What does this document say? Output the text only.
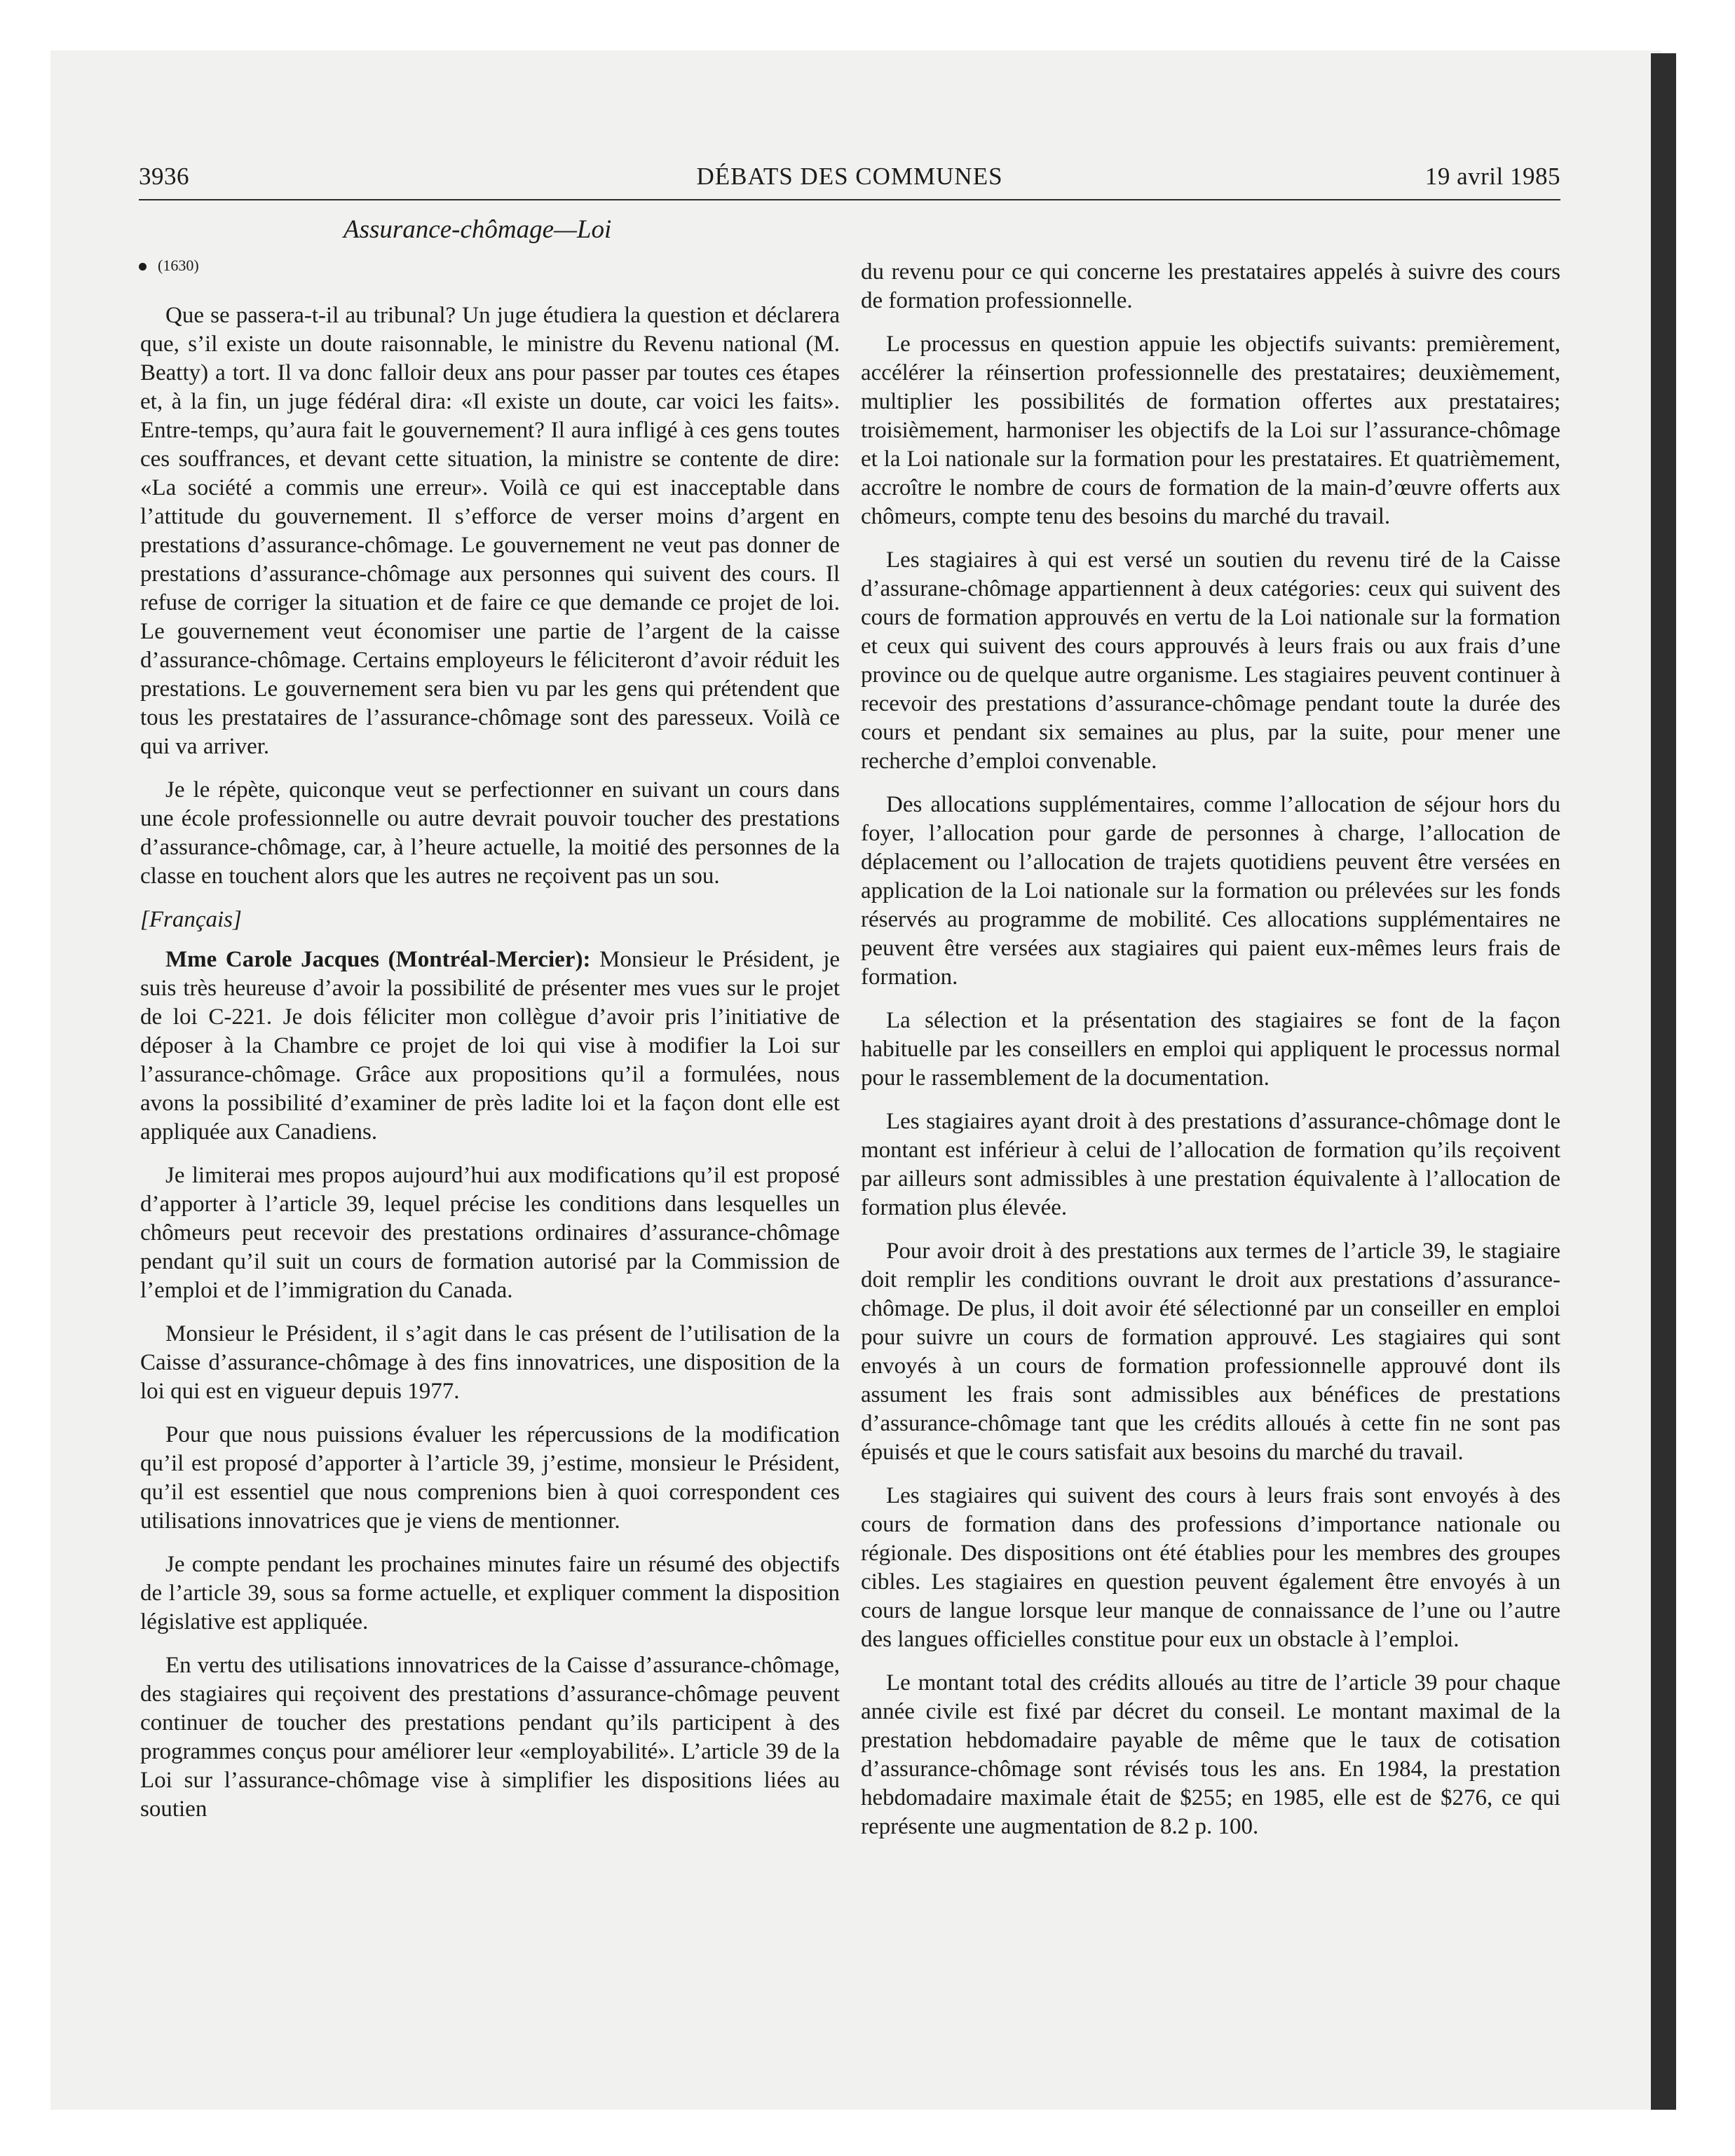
3936	DÉBATS DES COMMUNES	19 avril 1985
Assurance-chômage—Loi
(1630)

Que se passera-t-il au tribunal? Un juge étudiera la question et déclarera que, s’il existe un doute raisonnable, le ministre du Revenu national (M. Beatty) a tort. Il va donc falloir deux ans pour passer par toutes ces étapes et, à la fin, un juge fédéral dira: «Il existe un doute, car voici les faits». Entre-temps, qu’aura fait le gouvernement? Il aura infligé à ces gens toutes ces souffrances, et devant cette situation, la ministre se contente de dire: «La société a commis une erreur». Voilà ce qui est inacceptable dans l’attitude du gouvernement. Il s’efforce de verser moins d’argent en prestations d’assurance-chômage. Le gouvernement ne veut pas donner de prestations d’assurance-chômage aux personnes qui suivent des cours. Il refuse de corriger la situation et de faire ce que demande ce projet de loi. Le gouvernement veut économiser une partie de l’argent de la caisse d’assurance-chômage. Certains employeurs le féliciteront d’avoir réduit les prestations. Le gouvernement sera bien vu par les gens qui prétendent que tous les prestataires de l’assurance-chômage sont des paresseux. Voilà ce qui va arriver.

Je le répète, quiconque veut se perfectionner en suivant un cours dans une école professionnelle ou autre devrait pouvoir toucher des prestations d’assurance-chômage, car, à l’heure actuelle, la moitié des personnes de la classe en touchent alors que les autres ne reçoivent pas un sou.

[Français]

Mme Carole Jacques (Montréal-Mercier): Monsieur le Président, je suis très heureuse d’avoir la possibilité de présenter mes vues sur le projet de loi C-221. Je dois féliciter mon collègue d’avoir pris l’initiative de déposer à la Chambre ce projet de loi qui vise à modifier la Loi sur l’assurance-chômage. Grâce aux propositions qu’il a formulées, nous avons la possibilité d’examiner de près ladite loi et la façon dont elle est appliquée aux Canadiens.

Je limiterai mes propos aujourd’hui aux modifications qu’il est proposé d’apporter à l’article 39, lequel précise les conditions dans lesquelles un chômeurs peut recevoir des prestations ordinaires d’assurance-chômage pendant qu’il suit un cours de formation autorisé par la Commission de l’emploi et de l’immigration du Canada.

Monsieur le Président, il s’agit dans le cas présent de l’utilisation de la Caisse d’assurance-chômage à des fins innovatrices, une disposition de la loi qui est en vigueur depuis 1977.

Pour que nous puissions évaluer les répercussions de la modification qu’il est proposé d’apporter à l’article 39, j’estime, monsieur le Président, qu’il est essentiel que nous comprenions bien à quoi correspondent ces utilisations innovatrices que je viens de mentionner.

Je compte pendant les prochaines minutes faire un résumé des objectifs de l’article 39, sous sa forme actuelle, et expliquer comment la disposition législative est appliquée.

En vertu des utilisations innovatrices de la Caisse d’assurance-chômage, des stagiaires qui reçoivent des prestations d’assurance-chômage peuvent continuer de toucher des prestations pendant qu’ils participent à des programmes conçus pour améliorer leur «employabilité». L’article 39 de la Loi sur l’assurance-chômage vise à simplifier les dispositions liées au soutien

du revenu pour ce qui concerne les prestataires appelés à suivre des cours de formation professionnelle.

Le processus en question appuie les objectifs suivants: premièrement, accélérer la réinsertion professionnelle des prestataires; deuxièmement, multiplier les possibilités de formation offertes aux prestataires; troisièmement, harmoniser les objectifs de la Loi sur l’assurance-chômage et la Loi nationale sur la formation pour les prestataires. Et quatrièmement, accroître le nombre de cours de formation de la main-d’œuvre offerts aux chômeurs, compte tenu des besoins du marché du travail.

Les stagiaires à qui est versé un soutien du revenu tiré de la Caisse d’assurane-chômage appartiennent à deux catégories: ceux qui suivent des cours de formation approuvés en vertu de la Loi nationale sur la formation et ceux qui suivent des cours approuvés à leurs frais ou aux frais d’une province ou de quelque autre organisme. Les stagiaires peuvent continuer à recevoir des prestations d’assurance-chômage pendant toute la durée des cours et pendant six semaines au plus, par la suite, pour mener une recherche d’emploi convenable.

Des allocations supplémentaires, comme l’allocation de séjour hors du foyer, l’allocation pour garde de personnes à charge, l’allocation de déplacement ou l’allocation de trajets quotidiens peuvent être versées en application de la Loi nationale sur la formation ou prélevées sur les fonds réservés au programme de mobilité. Ces allocations supplémentaires ne peuvent être versées aux stagiaires qui paient eux-mêmes leurs frais de formation.

La sélection et la présentation des stagiaires se font de la façon habituelle par les conseillers en emploi qui appliquent le processus normal pour le rassemblement de la documentation.

Les stagiaires ayant droit à des prestations d’assurance-chômage dont le montant est inférieur à celui de l’allocation de formation qu’ils reçoivent par ailleurs sont admissibles à une prestation équivalente à l’allocation de formation plus élevée.

Pour avoir droit à des prestations aux termes de l’article 39, le stagiaire doit remplir les conditions ouvrant le droit aux prestations d’assurance-chômage. De plus, il doit avoir été sélectionné par un conseiller en emploi pour suivre un cours de formation approuvé. Les stagiaires qui sont envoyés à un cours de formation professionnelle approuvé dont ils assument les frais sont admissibles aux bénéfices de prestations d’assurance-chômage tant que les crédits alloués à cette fin ne sont pas épuisés et que le cours satisfait aux besoins du marché du travail.

Les stagiaires qui suivent des cours à leurs frais sont envoyés à des cours de formation dans des professions d’importance nationale ou régionale. Des dispositions ont été établies pour les membres des groupes cibles. Les stagiaires en question peuvent également être envoyés à un cours de langue lorsque leur manque de connaissance de l’une ou l’autre des langues officielles constitue pour eux un obstacle à l’emploi.

Le montant total des crédits alloués au titre de l’article 39 pour chaque année civile est fixé par décret du conseil. Le montant maximal de la prestation hebdomadaire payable de même que le taux de cotisation d’assurance-chômage sont révisés tous les ans. En 1984, la prestation hebdomadaire maximale était de $255; en 1985, elle est de $276, ce qui représente une augmentation de 8.2 p. 100.
